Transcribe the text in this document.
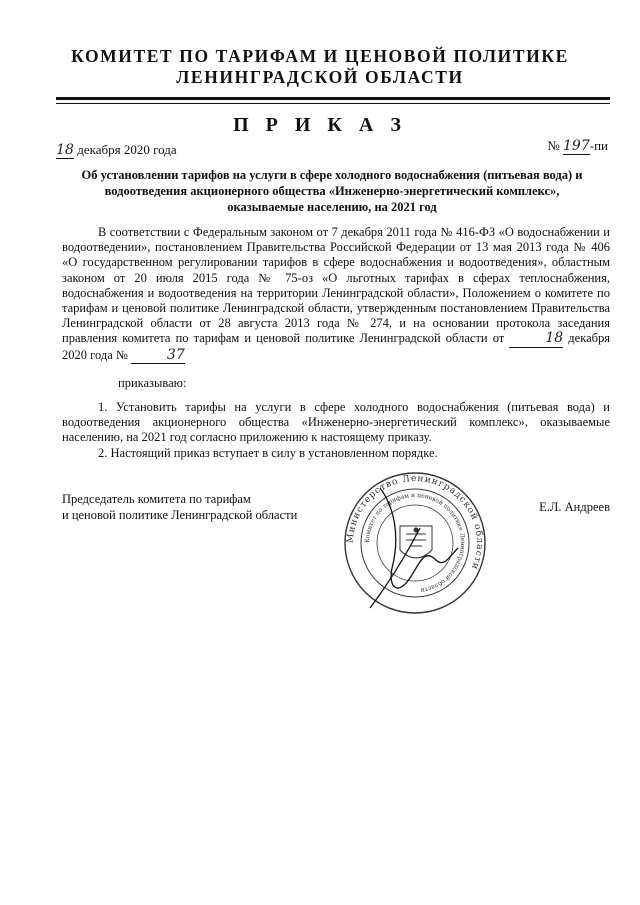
КОМИТЕТ ПО ТАРИФАМ И ЦЕНОВОЙ ПОЛИТИКЕ
ЛЕНИНГРАДСКОЙ ОБЛАСТИ
П Р И К А З
18 декабря 2020 года	№ 197-пи
Об установлении тарифов на услуги в сфере холодного водоснабжения (питьевая вода) и
водоотведения акционерного общества «Инженерно-энергетический комплекс»,
оказываемые населению, на 2021 год
В соответствии с Федеральным законом от 7 декабря 2011 года № 416-ФЗ «О водоснабжении и водоотведении», постановлением Правительства Российской Федерации от 13 мая 2013 года № 406 «О государственном регулировании тарифов в сфере водоснабжения и водоотведения», областным законом от 20 июля 2015 года № 75-оз «О льготных тарифах в сферах теплоснабжения, водоснабжения и водоотведения на территории Ленинградской области», Положением о комитете по тарифам и ценовой политике Ленинградской области, утвержденным постановлением Правительства Ленинградской области от 28 августа 2013 года № 274, и на основании протокола заседания правления комитета по тарифам и ценовой политике Ленинградской области от	18 декабря 2020 года №	37
приказываю:
1. Установить тарифы на услуги в сфере холодного водоснабжения (питьевая вода) и водоотведения акционерного общества «Инженерно-энергетический комплекс», оказываемые населению, на 2021 год согласно приложению к настоящему приказу.
2. Настоящий приказ вступает в силу в установленном порядке.
Председатель комитета по тарифам
и ценовой политике Ленинградской области
Министерство Ленинградской области
Комитет по тарифам и ценовой политике Ленинградской области
Е.Л. Андреев
